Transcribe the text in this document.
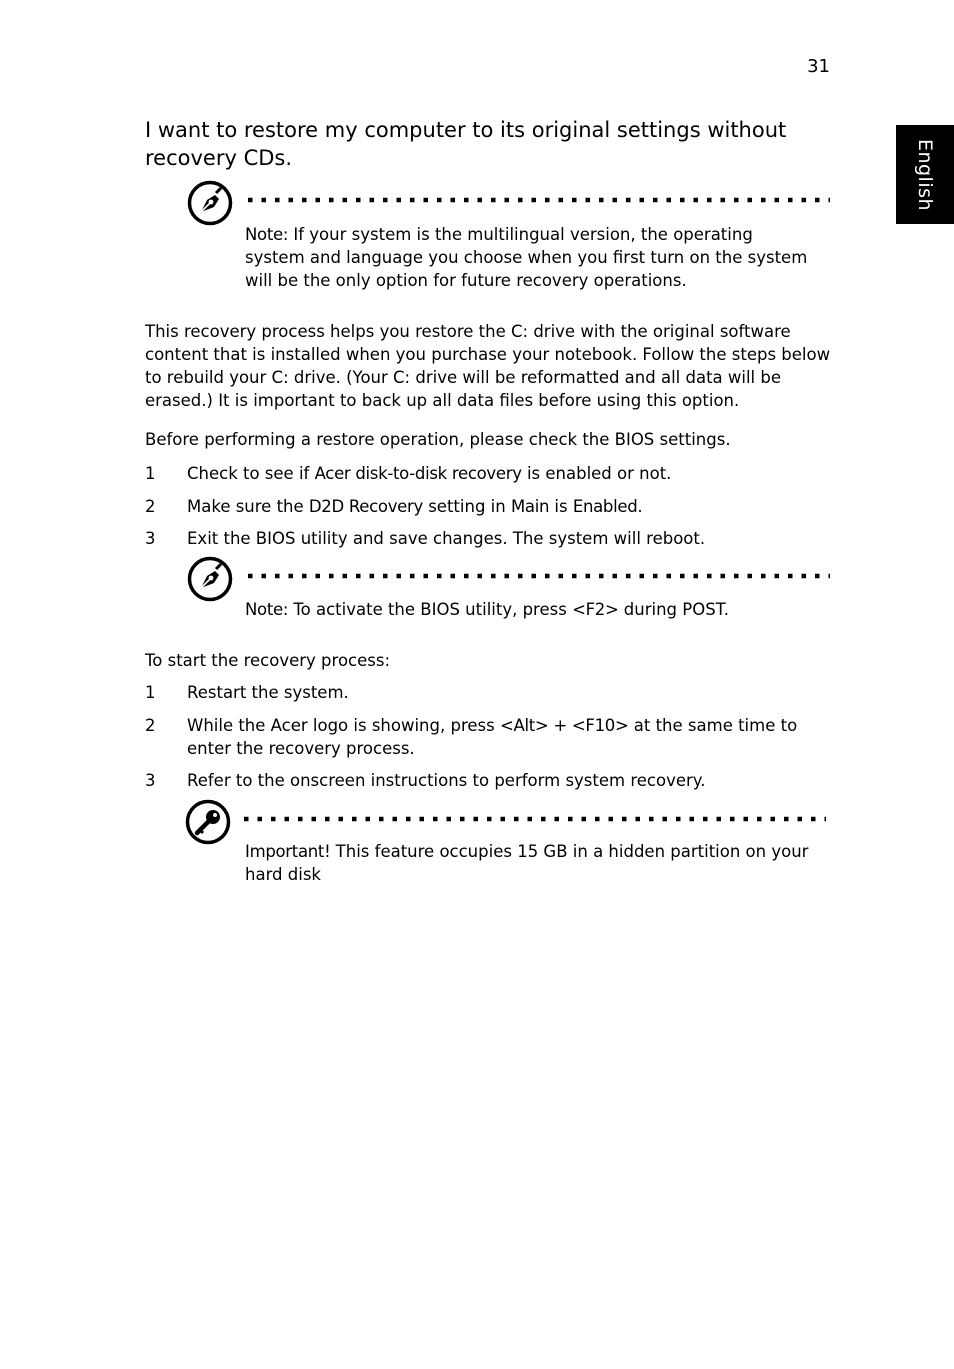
31
English
I want to restore my computer to its original settings without recovery CDs.
Note: If your system is the multilingual version, the operating system and language you choose when you first turn on the system will be the only option for future recovery operations.
This recovery process helps you restore the C: drive with the original software content that is installed when you purchase your notebook. Follow the steps below to rebuild your C: drive. (Your C: drive will be reformatted and all data will be erased.) It is important to back up all data files before using this option.
Before performing a restore operation, please check the BIOS settings.
1	Check to see if Acer disk-to-disk recovery is enabled or not.
2	Make sure the D2D Recovery setting in Main is Enabled.
3	Exit the BIOS utility and save changes. The system will reboot.
Note: To activate the BIOS utility, press <F2> during POST.
To start the recovery process:
1	Restart the system.
2	While the Acer logo is showing, press <Alt> + <F10> at the same time to enter the recovery process.
3	Refer to the onscreen instructions to perform system recovery.
Important! This feature occupies 15 GB in a hidden partition on your hard disk
